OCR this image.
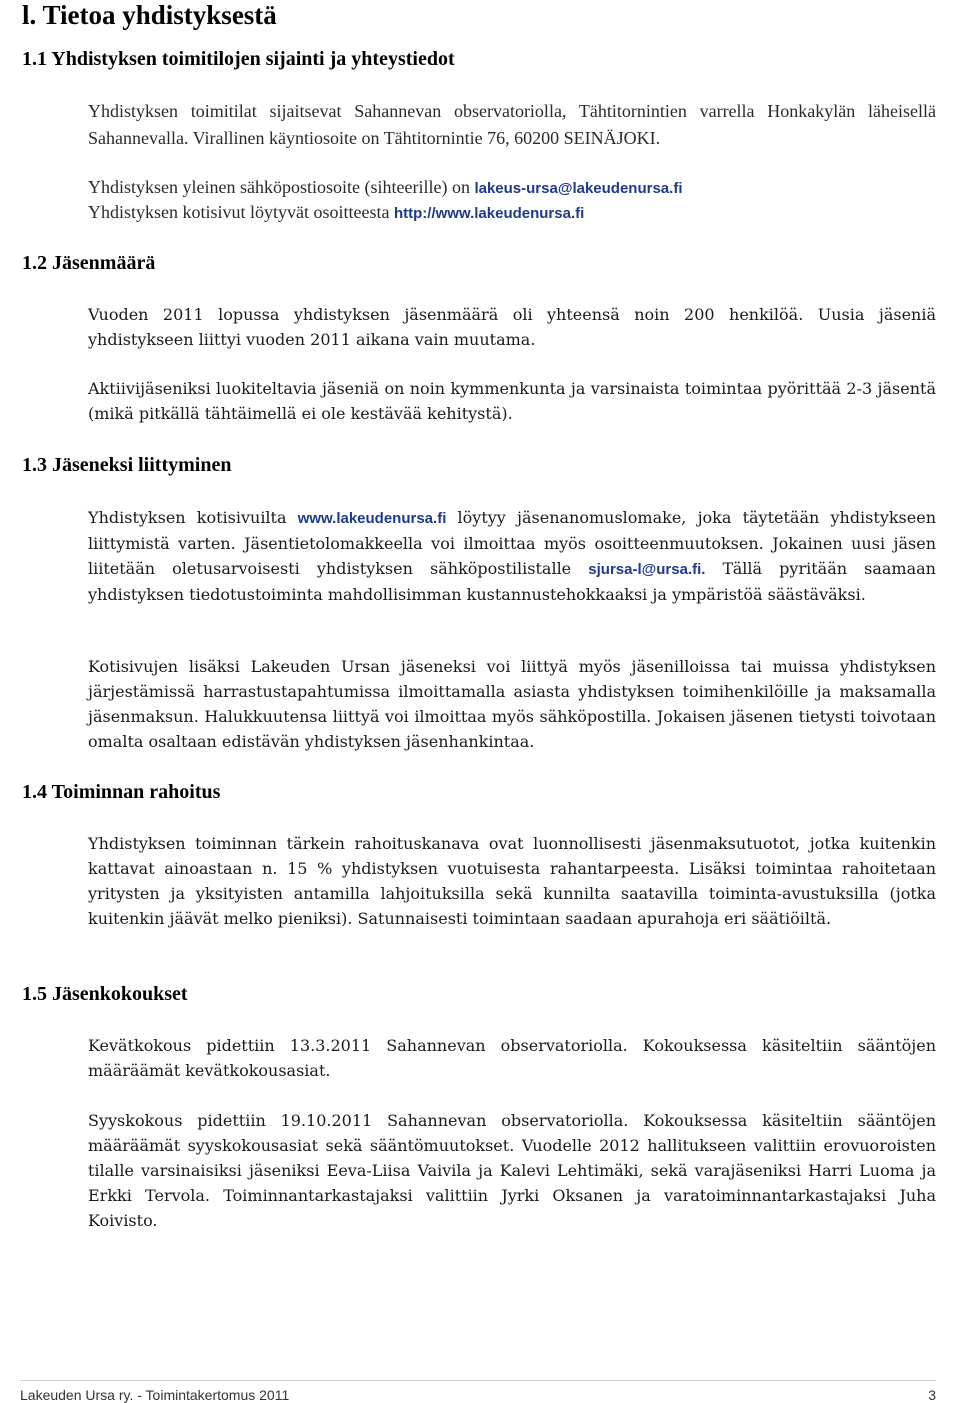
l. Tietoa yhdistyksestä
1.1 Yhdistyksen toimitilojen sijainti ja yhteystiedot

Yhdistyksen toimitilat sijaitsevat Sahannevan observatoriolla, Tähtitornintien varrella Honkakylän läheisellä Sahannevalla. Virallinen käyntiosoite on Tähtitornintie 76, 60200 SEINÄJOKI.

Yhdistyksen yleinen sähköpostiosoite (sihteerille) on lakeus-ursa@lakeudenursa.fi

Yhdistyksen kotisivut löytyvät osoitteesta http://www.lakeudenursa.fi

1.2 Jäsenmäärä

Vuoden 2011 lopussa yhdistyksen jäsenmäärä oli yhteensä noin 200 henkilöä. Uusia jäseniä yhdistykseen liittyi vuoden 2011 aikana vain muutama.

Aktiivijäseniksi luokiteltavia jäseniä on noin kymmenkunta ja varsinaista toimintaa pyörittää 2-3 jäsentä (mikä pitkällä tähtäimellä ei ole kestävää kehitystä).

1.3 Jäseneksi liittyminen

Yhdistyksen kotisivuilta www.lakeudenursa.fi löytyy jäsenanomuslomake, joka täytetään yhdistykseen liittymistä varten. Jäsentietolomakkeella voi ilmoittaa myös osoitteenmuutoksen. Jokainen uusi jäsen liitetään oletusarvoisesti yhdistyksen sähköpostilistalle sjursa-l@ursa.fi. Tällä pyritään saamaan yhdistyksen tiedotustoiminta mahdollisimman kustannustehokkaaksi ja ympäristöä säästäväksi.

Kotisivujen lisäksi Lakeuden Ursan jäseneksi voi liittyä myös jäsenilloissa tai muissa yhdistyksen järjestämissä harrastustapahtumissa ilmoittamalla asiasta yhdistyksen toimihenkilöille ja maksamalla jäsenmaksun. Halukkuutensa liittyä voi ilmoittaa myös sähköpostilla. Jokaisen jäsenen tietysti toivotaan omalta osaltaan edistävän yhdistyksen jäsenhankintaa.

1.4 Toiminnan rahoitus

Yhdistyksen toiminnan tärkein rahoituskanava ovat luonnollisesti jäsenmaksutuotot, jotka kuitenkin kattavat ainoastaan n. 15 % yhdistyksen vuotuisesta rahantarpeesta. Lisäksi toimintaa rahoitetaan yritysten ja yksityisten antamilla lahjoituksilla sekä kunnilta saatavilla toiminta-avustuksilla (jotka kuitenkin jäävät melko pieniksi). Satunnaisesti toimintaan saadaan apurahoja eri säätiöiltä.

1.5 Jäsenkokoukset

Kevätkokous pidettiin 13.3.2011 Sahannevan observatoriolla. Kokouksessa käsiteltiin sääntöjen määräämät kevätkokousasiat.

Syyskokous pidettiin 19.10.2011 Sahannevan observatoriolla. Kokouksessa käsiteltiin sääntöjen määräämät syyskokousasiat sekä sääntömuutokset. Vuodelle 2012 hallitukseen valittiin erovuoroisten tilalle varsinaisiksi jäseniksi Eeva-Liisa Vaivila ja Kalevi Lehtimäki, sekä varajäseniksi Harri Luoma ja Erkki Tervola. Toiminnantarkastajaksi valittiin Jyrki Oksanen ja varatoiminnantarkastajaksi Juha Koivisto.

Lakeuden Ursa ry. - Toimintakertomus 2011	3
